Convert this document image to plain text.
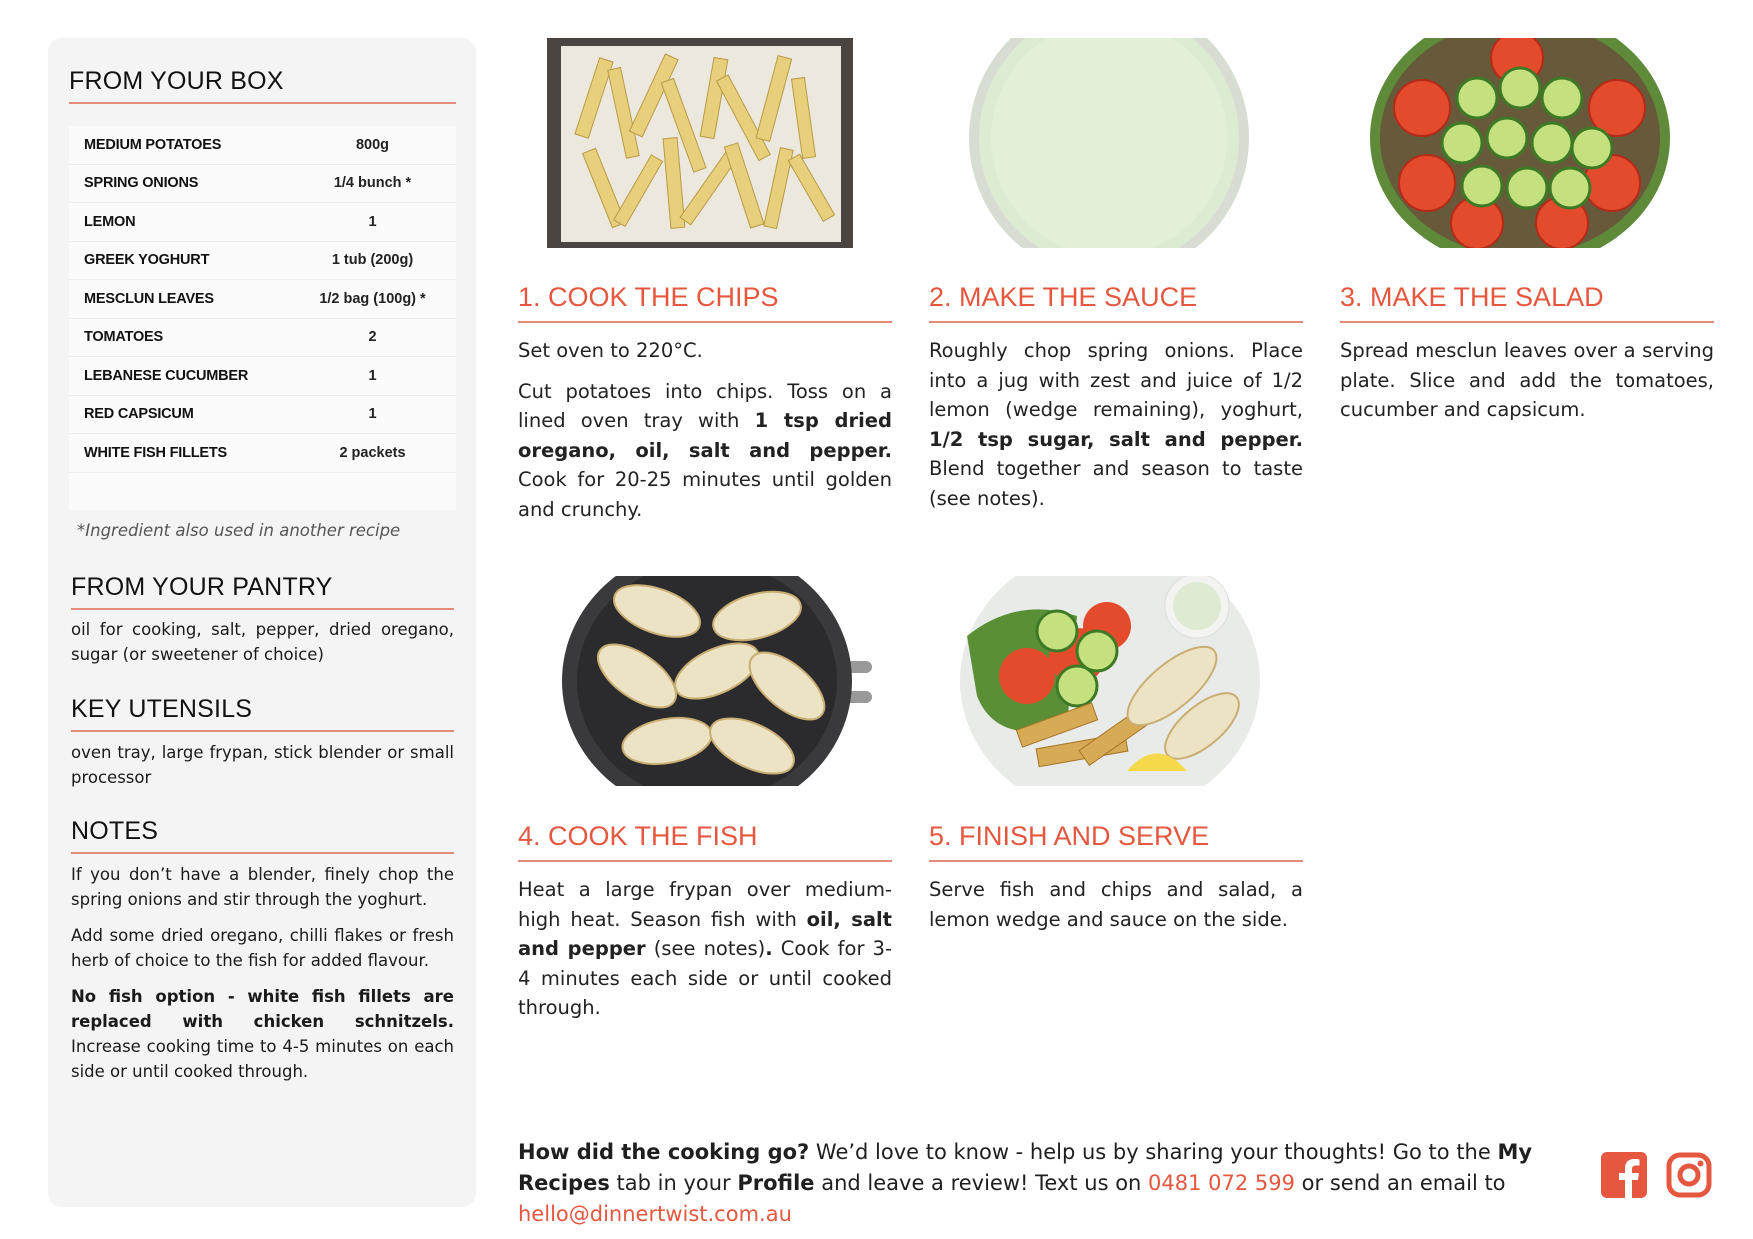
FROM YOUR BOX
MEDIUM POTATOES	800g
SPRING ONIONS	1/4 bunch *
LEMON	1
GREEK YOGHURT	1 tub (200g)
MESCLUN LEAVES	1/2 bag (100g) *
TOMATOES	2
LEBANESE CUCUMBER	1
RED CAPSICUM	1
WHITE FISH FILLETS	2 packets
*Ingredient also used in another recipe
FROM YOUR PANTRY
oil for cooking, salt, pepper, dried oregano, sugar (or sweetener of choice)
KEY UTENSILS
oven tray, large frypan, stick blender or small processor
NOTES
If you don’t have a blender, finely chop the spring onions and stir through the yoghurt.
Add some dried oregano, chilli flakes or fresh herb of choice to the fish for added flavour.
No fish option - white fish fillets are replaced with chicken schnitzels. Increase cooking time to 4-5 minutes on each side or until cooked through.
1. COOK THE CHIPS	2. MAKE THE SAUCE	3. MAKE THE SALAD
4. COOK THE FISH	5. FINISH AND SERVE

Set oven to 220°C.

Cut potatoes into chips. Toss on a lined oven tray with 1 tsp dried oregano, oil, salt and pepper. Cook for 20-25 minutes until golden and crunchy.

Roughly chop spring onions. Place into a jug with zest and juice of 1/2 lemon (wedge remaining), yoghurt, 1/2 tsp sugar, salt and pepper. Blend together and season to taste (see notes).

Spread mesclun leaves over a serving plate. Slice and add the tomatoes, cucumber and capsicum.

Heat a large frypan over medium-high heat. Season fish with oil, salt and pepper (see notes). Cook for 3-4 minutes each side or until cooked through.

Serve fish and chips and salad, a lemon wedge and sauce on the side.

How did the cooking go? We’d love to know - help us by sharing your thoughts! Go to the My Recipes tab in your Profile and leave a review! Text us on 0481 072 599 or send an email to hello@dinnertwist.com.au
